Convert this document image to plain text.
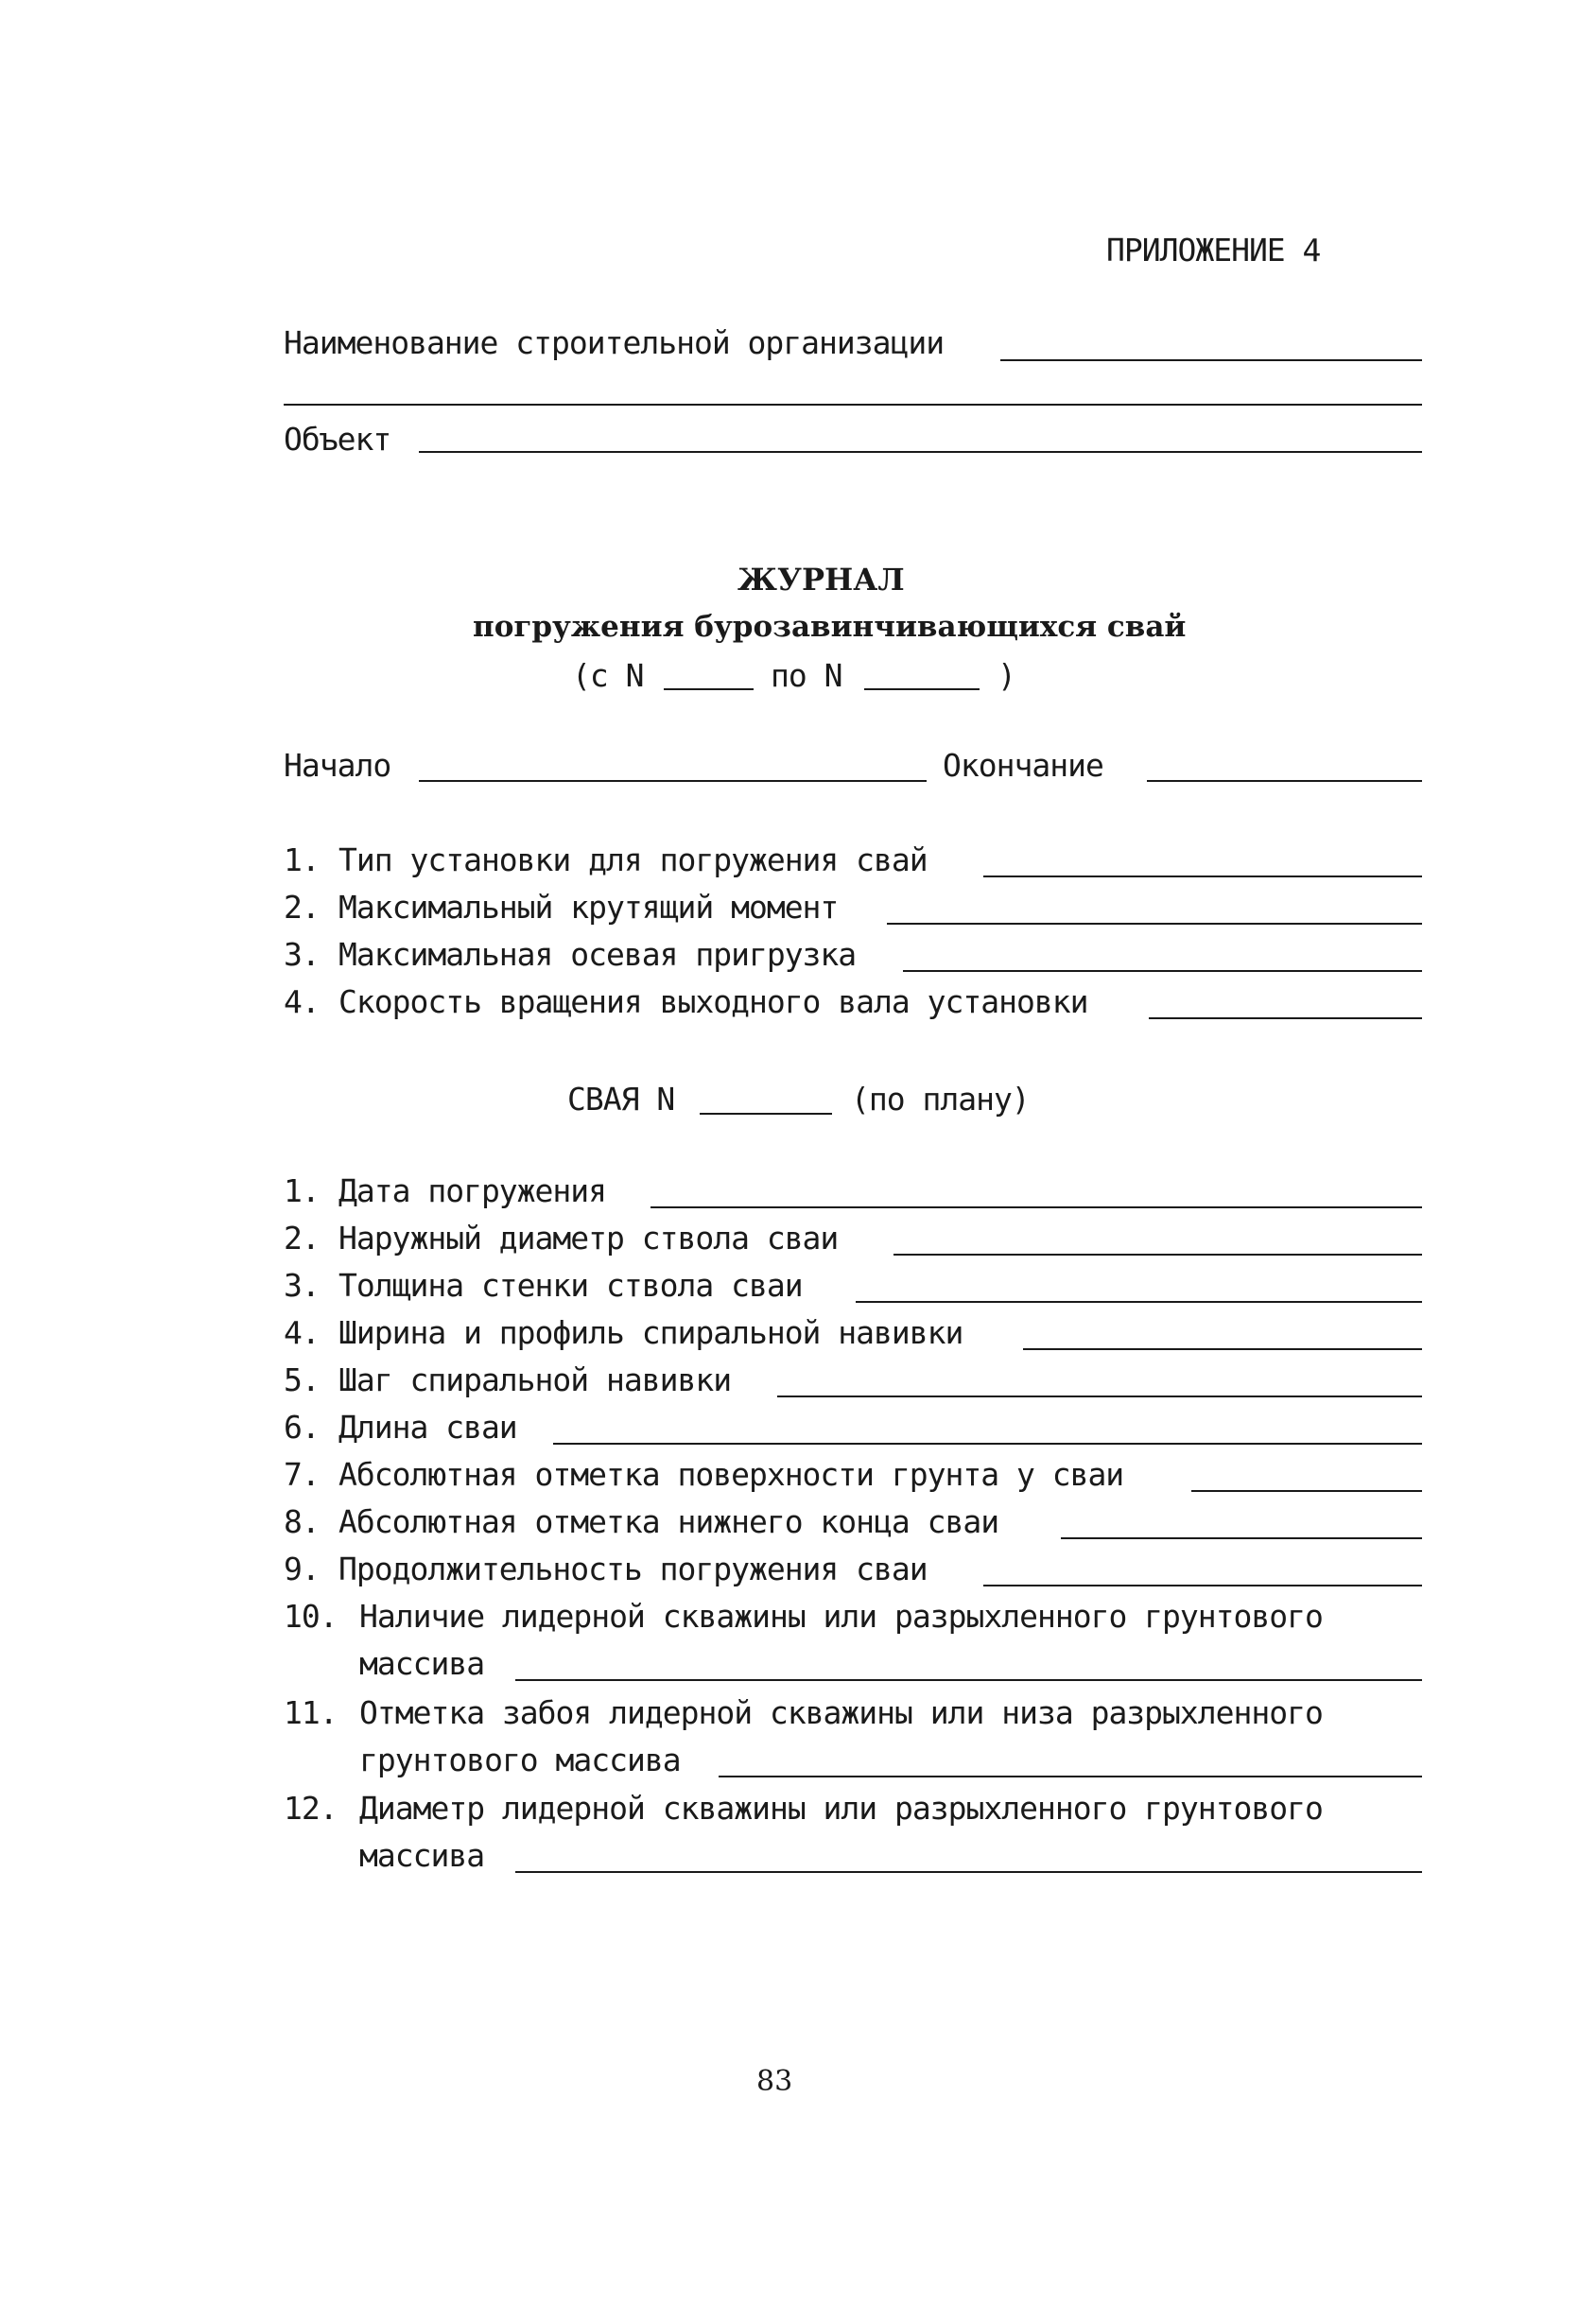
ПРИЛОЖЕНИЕ 4
Наименование строительной организации
Объект
ЖУРНАЛ
погружения бурозавинчивающихся свай
(с N	по N	)
Начало	Окончание
1. Тип установки для погружения свай
2. Максимальный крутящий момент
3. Максимальная осевая пригрузка
4. Скорость вращения выходного вала установки
СВАЯ N	(по плану)
1. Дата погружения
2. Наружный диаметр ствола сваи
3. Толщина стенки ствола сваи
4. Ширина и профиль спиральной навивки
5. Шаг спиральной навивки
6. Длина сваи
7. Абсолютная отметка поверхности грунта у сваи
8. Абсолютная отметка нижнего конца сваи
9. Продолжительность погружения сваи
10. Наличие лидерной скважины или разрыхленного грунтового
массива
11. Отметка забоя лидерной скважины или низа разрыхленного
грунтового массива
12. Диаметр лидерной скважины или разрыхленного грунтового
массива
83
